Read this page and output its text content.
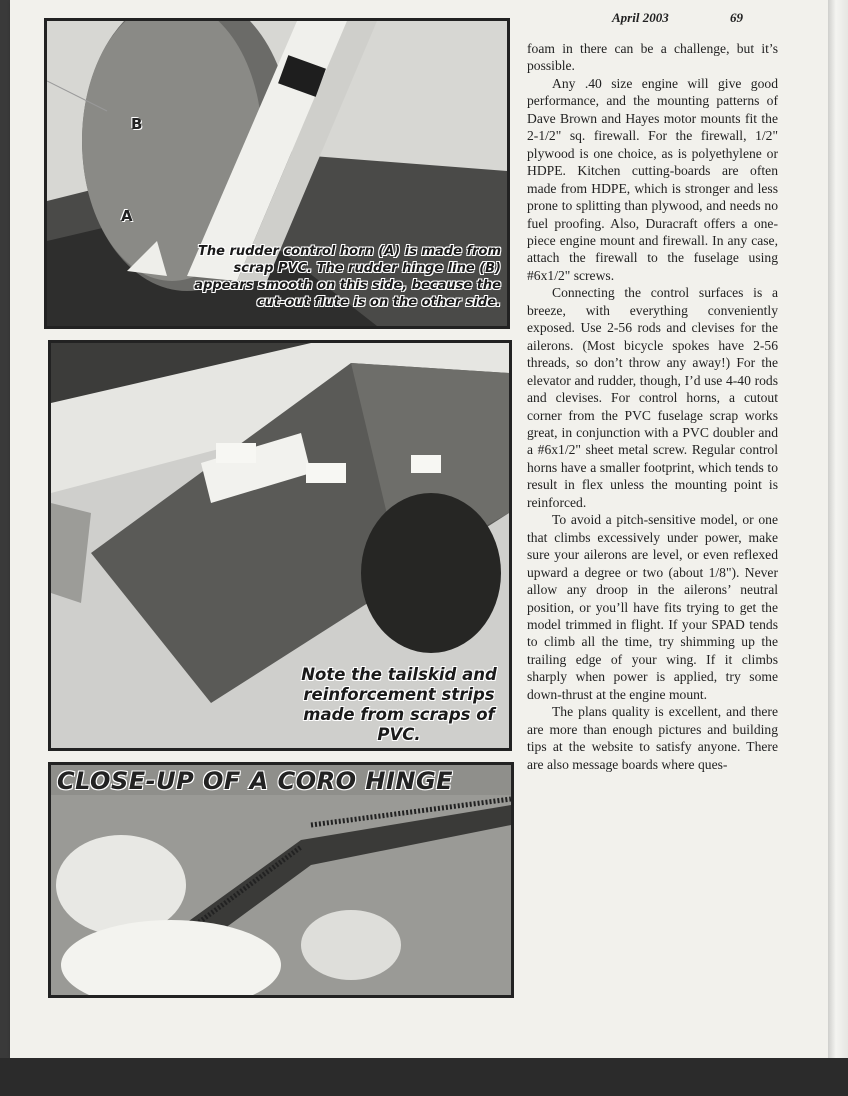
April 2003	69
B
A
The rudder control horn (A) is made from scrap PVC. The rudder hinge line (B) appears smooth on this side, because the cut-out flute is on the other side.
Note the tailskid and reinforcement strips made from scraps of PVC.
CLOSE-UP OF A CORO HINGE

foam in there can be a challenge, but it’s possible.

Any .40 size engine will give good performance, and the mounting patterns of Dave Brown and Hayes motor mounts fit the 2-1/2" sq. firewall. For the firewall, 1/2" plywood is one choice, as is polyethylene or HDPE. Kitchen cutting-boards are often made from HDPE, which is stronger and less prone to splitting than plywood, and needs no fuel proofing. Also, Duracraft offers a one-piece engine mount and firewall. In any case, attach the firewall to the fuselage using #6x1/2" screws.

Connecting the control surfaces is a breeze, with everything conveniently exposed. Use 2-56 rods and clevises for the ailerons. (Most bicycle spokes have 2-56 threads, so don’t throw any away!) For the elevator and rudder, though, I’d use 4-40 rods and clevises. For control horns, a cutout corner from the PVC fuselage scrap works great, in conjunction with a PVC doubler and a #6x1/2" sheet metal screw. Regular control horns have a smaller footprint, which tends to result in flex unless the mounting point is reinforced.

To avoid a pitch-sensitive model, or one that climbs excessively under power, make sure your ailerons are level, or even reflexed upward a degree or two (about 1/8"). Never allow any droop in the ailerons’ neutral position, or you’ll have fits trying to get the model trimmed in flight. If your SPAD tends to climb all the time, try shimming up the trailing edge of your wing. If it climbs sharply when power is applied, try some down-thrust at the engine mount.

The plans quality is excellent, and there are more than enough pictures and building tips at the website to satisfy anyone. There are also message boards where ques-
